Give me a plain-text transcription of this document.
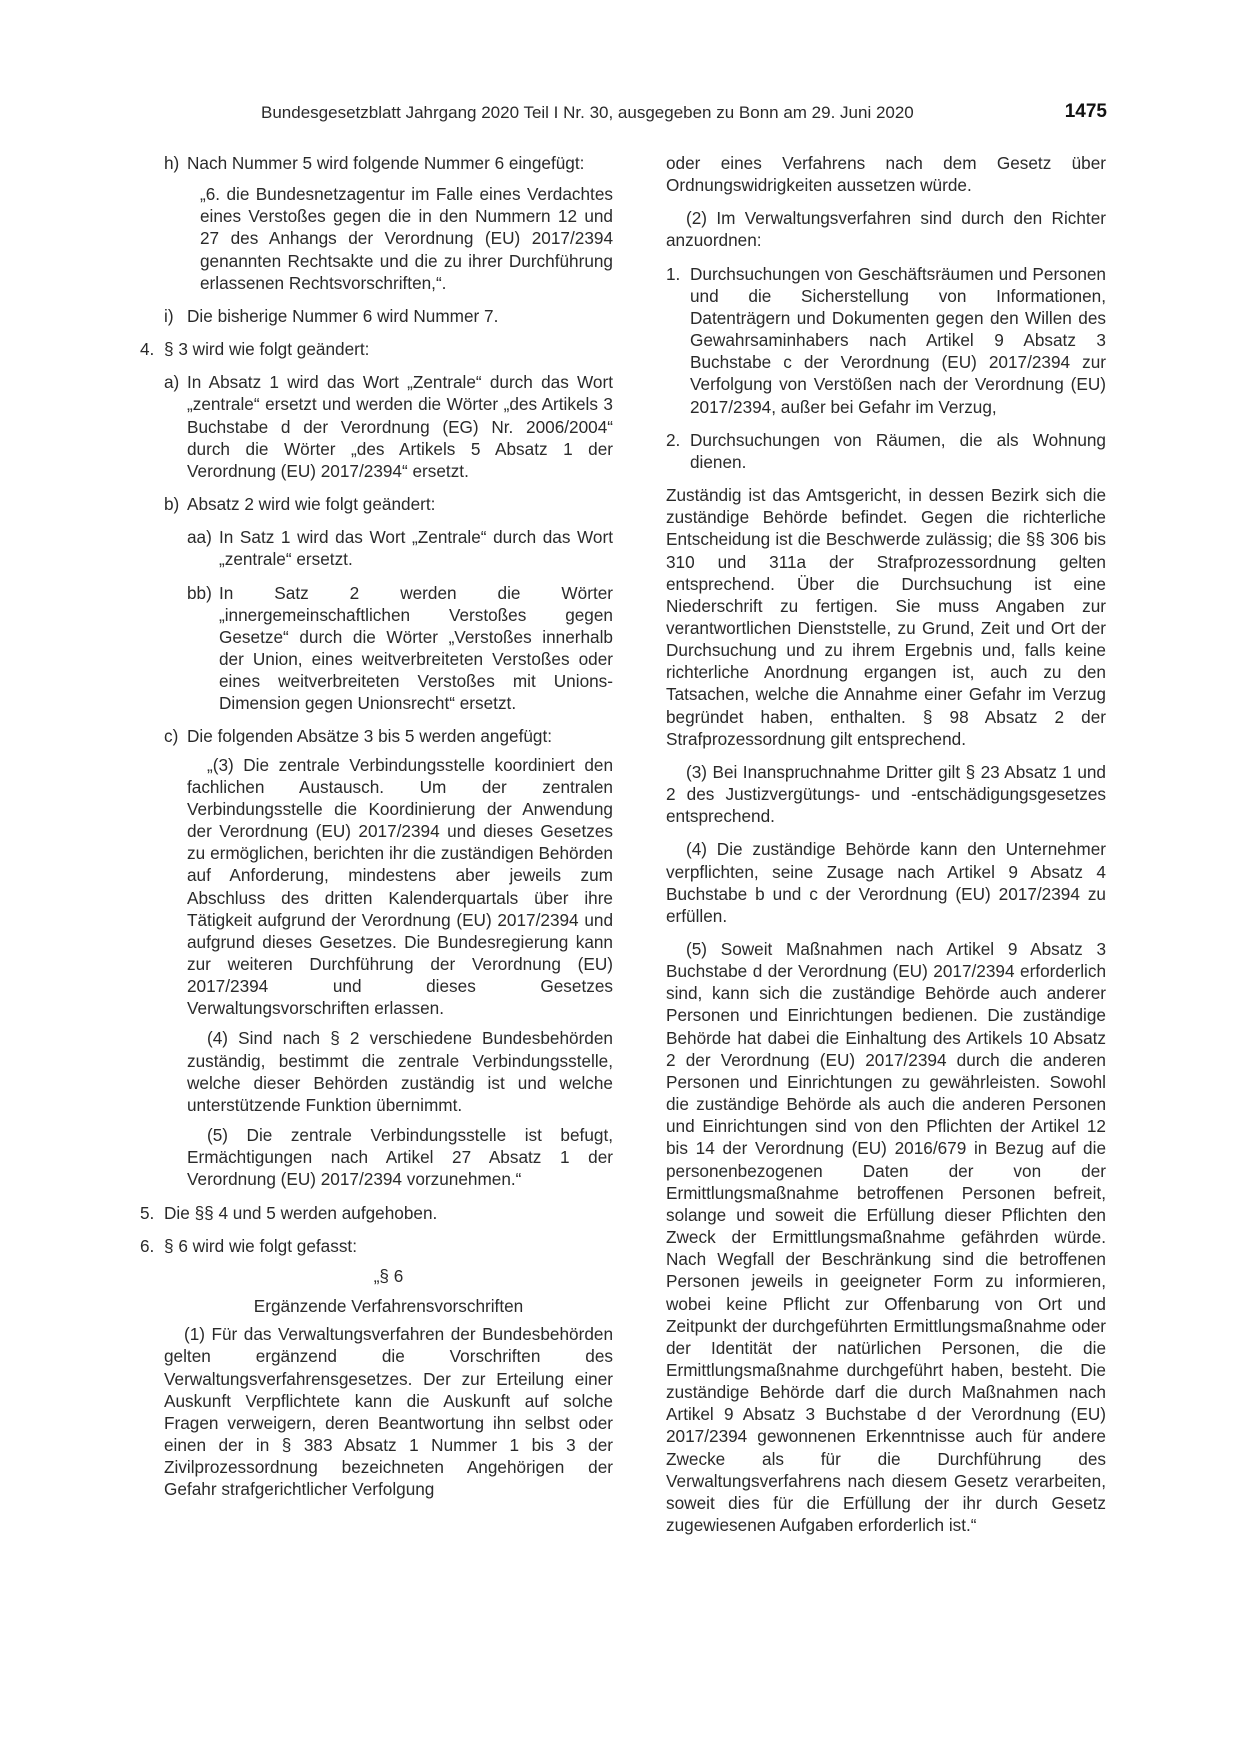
Bundesgesetzblatt Jahrgang 2020 Teil I Nr. 30, ausgegeben zu Bonn am 29. Juni 2020	1475
h) Nach Nummer 5 wird folgende Nummer 6 eingefügt:
„6. die Bundesnetzagentur im Falle eines Verdachtes eines Verstoßes gegen die in den Nummern 12 und 27 des Anhangs der Verordnung (EU) 2017/2394 genannten Rechtsakte und die zu ihrer Durchführung erlassenen Rechtsvorschriften,“.
i) Die bisherige Nummer 6 wird Nummer 7.
4. § 3 wird wie folgt geändert:
a) In Absatz 1 wird das Wort „Zentrale“ durch das Wort „zentrale“ ersetzt und werden die Wörter „des Artikels 3 Buchstabe d der Verordnung (EG) Nr. 2006/2004“ durch die Wörter „des Artikels 5 Absatz 1 der Verordnung (EU) 2017/2394“ ersetzt.
b) Absatz 2 wird wie folgt geändert:
aa) In Satz 1 wird das Wort „Zentrale“ durch das Wort „zentrale“ ersetzt.
bb) In Satz 2 werden die Wörter „innergemeinschaftlichen Verstoßes gegen Gesetze“ durch die Wörter „Verstoßes innerhalb der Union, eines weitverbreiteten Verstoßes oder eines weitverbreiteten Verstoßes mit Unions-Dimension gegen Unionsrecht“ ersetzt.
c) Die folgenden Absätze 3 bis 5 werden angefügt:
„(3) Die zentrale Verbindungsstelle koordiniert den fachlichen Austausch. Um der zentralen Verbindungsstelle die Koordinierung der Anwendung der Verordnung (EU) 2017/2394 und dieses Gesetzes zu ermöglichen, berichten ihr die zuständigen Behörden auf Anforderung, mindestens aber jeweils zum Abschluss des dritten Kalenderquartals über ihre Tätigkeit aufgrund der Verordnung (EU) 2017/2394 und aufgrund dieses Gesetzes. Die Bundesregierung kann zur weiteren Durchführung der Verordnung (EU) 2017/2394 und dieses Gesetzes Verwaltungsvorschriften erlassen.
(4) Sind nach § 2 verschiedene Bundesbehörden zuständig, bestimmt die zentrale Verbindungsstelle, welche dieser Behörden zuständig ist und welche unterstützende Funktion übernimmt.
(5) Die zentrale Verbindungsstelle ist befugt, Ermächtigungen nach Artikel 27 Absatz 1 der Verordnung (EU) 2017/2394 vorzunehmen.“
5. Die §§ 4 und 5 werden aufgehoben.
6. § 6 wird wie folgt gefasst:
„§ 6
Ergänzende Verfahrensvorschriften
(1) Für das Verwaltungsverfahren der Bundesbehörden gelten ergänzend die Vorschriften des Verwaltungsverfahrensgesetzes. Der zur Erteilung einer Auskunft Verpflichtete kann die Auskunft auf solche Fragen verweigern, deren Beantwortung ihn selbst oder einen der in § 383 Absatz 1 Nummer 1 bis 3 der Zivilprozessordnung bezeichneten Angehörigen der Gefahr strafgerichtlicher Verfolgung
oder eines Verfahrens nach dem Gesetz über Ordnungswidrigkeiten aussetzen würde.
(2) Im Verwaltungsverfahren sind durch den Richter anzuordnen:
1. Durchsuchungen von Geschäftsräumen und Personen und die Sicherstellung von Informationen, Datenträgern und Dokumenten gegen den Willen des Gewahrsaminhabers nach Artikel 9 Absatz 3 Buchstabe c der Verordnung (EU) 2017/2394 zur Verfolgung von Verstößen nach der Verordnung (EU) 2017/2394, außer bei Gefahr im Verzug,
2. Durchsuchungen von Räumen, die als Wohnung dienen.
Zuständig ist das Amtsgericht, in dessen Bezirk sich die zuständige Behörde befindet. Gegen die richterliche Entscheidung ist die Beschwerde zulässig; die §§ 306 bis 310 und 311a der Strafprozessordnung gelten entsprechend. Über die Durchsuchung ist eine Niederschrift zu fertigen. Sie muss Angaben zur verantwortlichen Dienststelle, zu Grund, Zeit und Ort der Durchsuchung und zu ihrem Ergebnis und, falls keine richterliche Anordnung ergangen ist, auch zu den Tatsachen, welche die Annahme einer Gefahr im Verzug begründet haben, enthalten. § 98 Absatz 2 der Strafprozessordnung gilt entsprechend.
(3) Bei Inanspruchnahme Dritter gilt § 23 Absatz 1 und 2 des Justizvergütungs- und -entschädigungsgesetzes entsprechend.
(4) Die zuständige Behörde kann den Unternehmer verpflichten, seine Zusage nach Artikel 9 Absatz 4 Buchstabe b und c der Verordnung (EU) 2017/2394 zu erfüllen.
(5) Soweit Maßnahmen nach Artikel 9 Absatz 3 Buchstabe d der Verordnung (EU) 2017/2394 erforderlich sind, kann sich die zuständige Behörde auch anderer Personen und Einrichtungen bedienen. Die zuständige Behörde hat dabei die Einhaltung des Artikels 10 Absatz 2 der Verordnung (EU) 2017/2394 durch die anderen Personen und Einrichtungen zu gewährleisten. Sowohl die zuständige Behörde als auch die anderen Personen und Einrichtungen sind von den Pflichten der Artikel 12 bis 14 der Verordnung (EU) 2016/679 in Bezug auf die personenbezogenen Daten der von der Ermittlungsmaßnahme betroffenen Personen befreit, solange und soweit die Erfüllung dieser Pflichten den Zweck der Ermittlungsmaßnahme gefährden würde. Nach Wegfall der Beschränkung sind die betroffenen Personen jeweils in geeigneter Form zu informieren, wobei keine Pflicht zur Offenbarung von Ort und Zeitpunkt der durchgeführten Ermittlungsmaßnahme oder der Identität der natürlichen Personen, die die Ermittlungsmaßnahme durchgeführt haben, besteht. Die zuständige Behörde darf die durch Maßnahmen nach Artikel 9 Absatz 3 Buchstabe d der Verordnung (EU) 2017/2394 gewonnenen Erkenntnisse auch für andere Zwecke als für die Durchführung des Verwaltungsverfahrens nach diesem Gesetz verarbeiten, soweit dies für die Erfüllung der ihr durch Gesetz zugewiesenen Aufgaben erforderlich ist.“
